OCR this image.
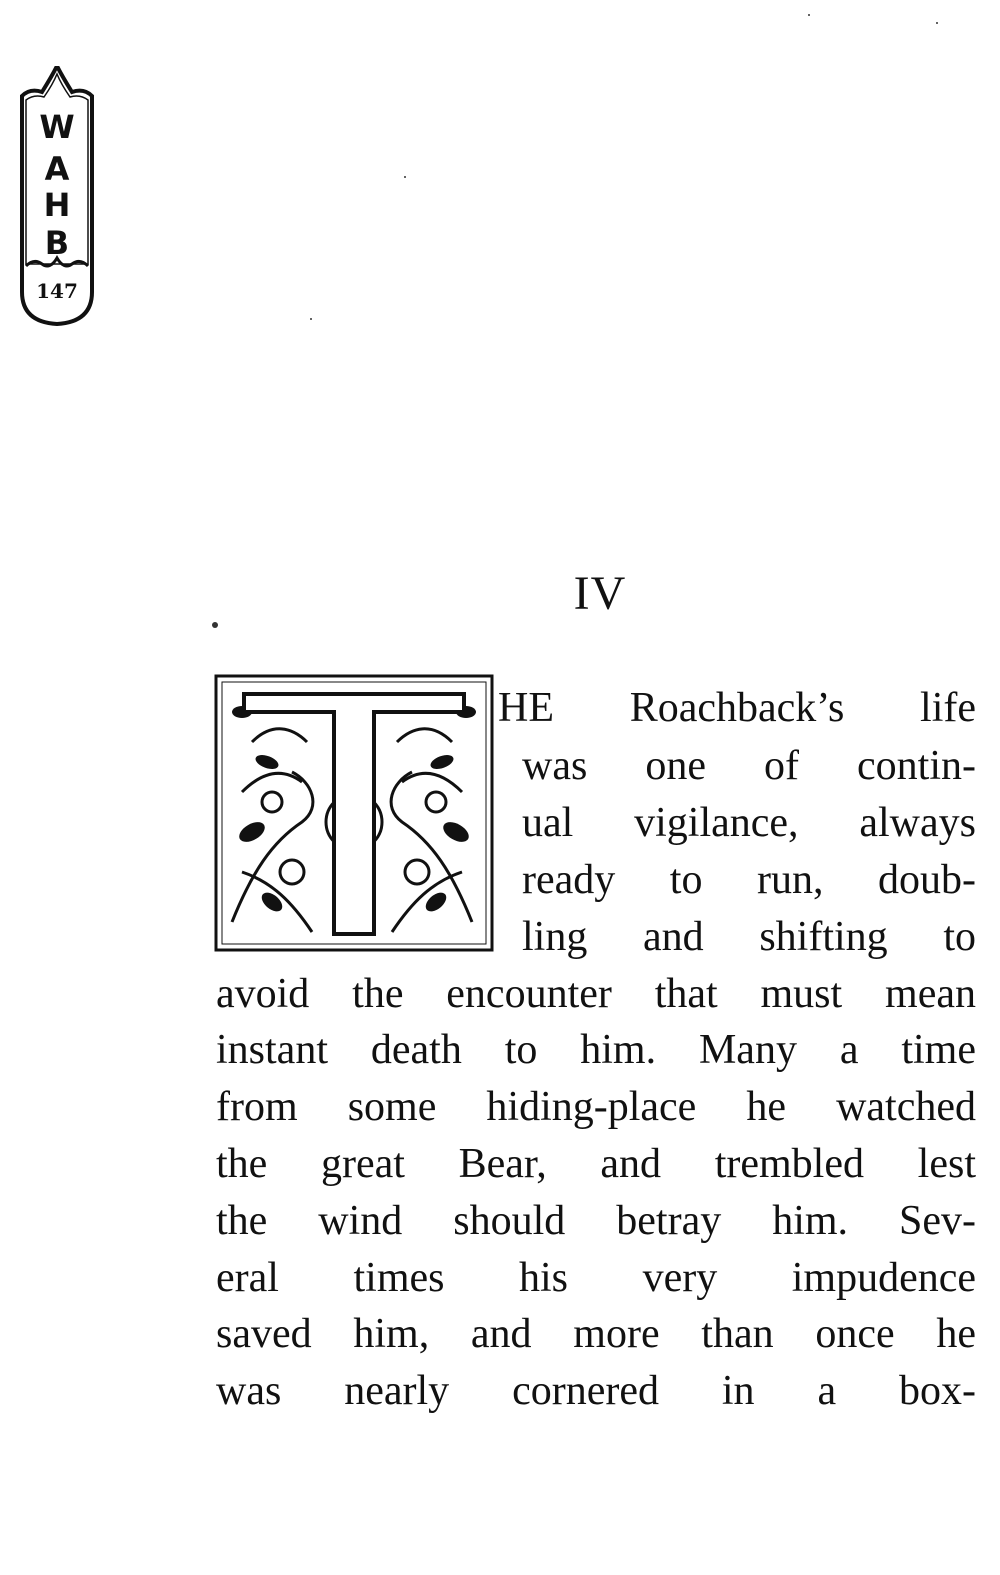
W
A
H
B
147
IV
HE Roachback’s life
was one of contin-
ual vigilance, always
ready to run, doub-
ling and shifting to
avoid the encounter that must mean
instant death to him. Many a time
from some hiding-place he watched
the great Bear, and trembled lest
the wind should betray him. Sev-
eral times his very impudence
saved him, and more than once he
was nearly cornered in a box-
